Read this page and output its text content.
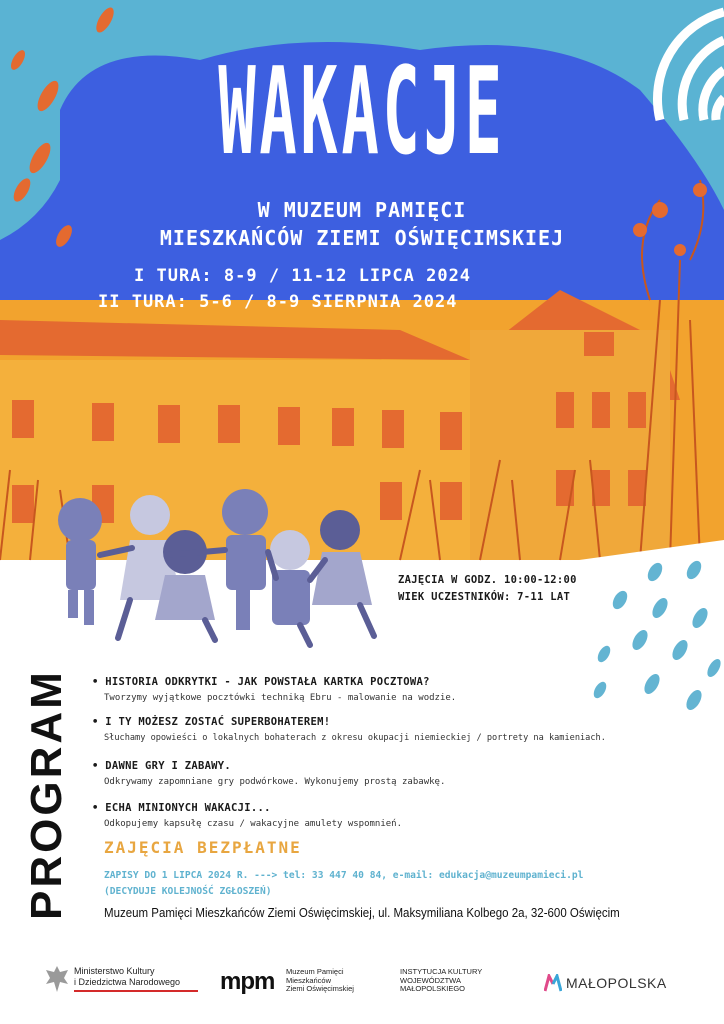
WAKACJE
W MUZEUM PAMIĘCI
MIESZKAŃCÓW ZIEMI OŚWIĘCIMSKIEJ
I TURA: 8-9 / 11-12 LIPCA 2024
II TURA: 5-6 / 8-9 SIERPNIA 2024
ZAJĘCIA W GODZ. 10:00-12:00
WIEK UCZESTNIKÓW: 7-11 LAT
PROGRAM • HISTORIA ODKRYTKI - JAK POWSTAŁA KARTKA POCZTOWA?
Tworzymy wyjątkowe pocztówki techniką Ebru - malowanie na wodzie.
• I TY MOŻESZ ZOSTAĆ SUPERBOHATEREM!
Słuchamy opowieści o lokalnych bohaterach z okresu okupacji niemieckiej / portrety na kamieniach.
• DAWNE GRY I ZABAWY.
Odkrywamy zapomniane gry podwórkowe. Wykonujemy prostą zabawkę.
• ECHA MINIONYCH WAKACJI...
Odkopujemy kapsułę czasu / wakacyjne amulety wspomnień.
ZAJĘCIA BEZPŁATNE
ZAPISY DO 1 LIPCA 2024 R. ---> tel: 33 447 40 84, e-mail: edukacja@muzeumpamieci.pl
(DECYDUJE KOLEJNOŚĆ ZGŁOSZEŃ)
Muzeum Pamięci Mieszkańców Ziemi Oświęcimskiej, ul. Maksymiliana Kolbego 2a, 32-600 Oświęcim
Ministerstwo Kultury
i Dziedzictwa Narodowego mpm Muzeum Pamięci
Mieszkańców
Ziemi Oświęcimskiej
INSTYTUCJA KULTURY
WOJEWÓDZTWA
MAŁOPOLSKIEGO	MAŁOPOLSKA
